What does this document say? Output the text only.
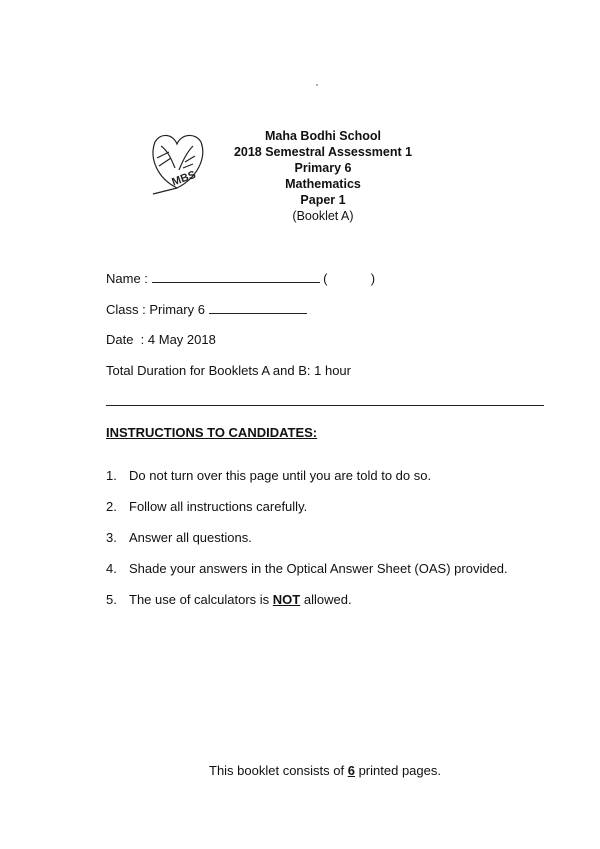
MBS
Maha Bodhi School
2018 Semestral Assessment 1
Primary 6
Mathematics
Paper 1
(Booklet A)
Name :	(	)
Class : Primary 6
Date  : 4 May 2018
Total Duration for Booklets A and B: 1 hour
INSTRUCTIONS TO CANDIDATES:
1. Do not turn over this page until you are told to do so.
2. Follow all instructions carefully.
3. Answer all questions.
4. Shade your answers in the Optical Answer Sheet (OAS) provided.
5. The use of calculators is NOT allowed.
This booklet consists of 6 printed pages.
